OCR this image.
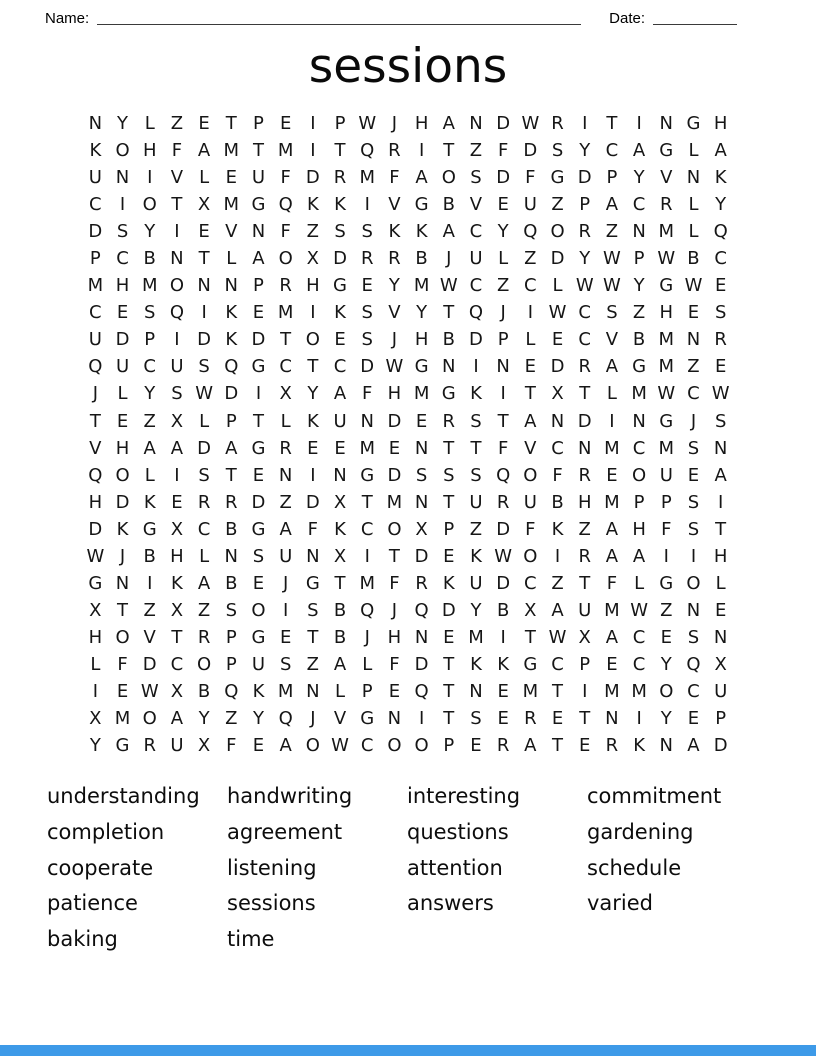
Name:	Date:
sessions
N Y L Z E T P E	I	P W J H A N D W R	I	T	I N G H
K O H F A M T M I	T Q R	I	T Z F D S Y C A G L A
U N I	V L E U F D R M F A O S D F G D P Y V N K
C	I O T X M G Q K K	I	V G B V E U Z P A C R L Y
D S Y	I	E V N F Z S S K K A C Y Q O R Z N M L Q
P C B N T L A O X D R R B	J U L Z D Y W P W B C
M H M O N N P R H G E Y M W C Z C L W W Y G W E
C E S Q I	K E M I	K S V Y T Q J	I W C S Z H E S
U D P	I D K D T O E S	J H B D P L E C V B M N R
Q U C U S Q G C T C D W G N I N E D R A G M Z E
J	L Y S W D I	X Y A F H M G K	I	T X T L M W C W
T E Z X L P T L K U N D E R S T A N D I N G J	S
V H A A D A G R E E M E N T T F V C N M C M S N
Q O L	I	S T E N I N G D S S S Q O F R E O U E A
H D K E R R D Z D X T M N T U R U B H M P P S	I
D K G X C B G A F K C O X P Z D F K Z A H F S T
W J	B H L N S U N X	I	T D E K W O I	R A A	I	I H
G N I	K A B E	J G T M F R K U D C Z T F L G O L
X T Z X Z S O I	S B Q J Q D Y B X A U M W Z N E
H O V T R P G E T B	J H N E M I	T W X A C E S N
L F D C O P U S Z A L F D T K K G C P E C Y Q X
I	E W X B Q K M N L P E Q T N E M T	I M M O C U
X M O A Y Z Y Q J	V G N I	T S E R E T N I	Y E P
Y G R U X F E A O W C O O P E R A T E R K N A D
understanding
completion
cooperate
patience
baking
handwriting
agreement
listening
sessions
time
interesting
questions
attention
answers
commitment
gardening
schedule
varied
